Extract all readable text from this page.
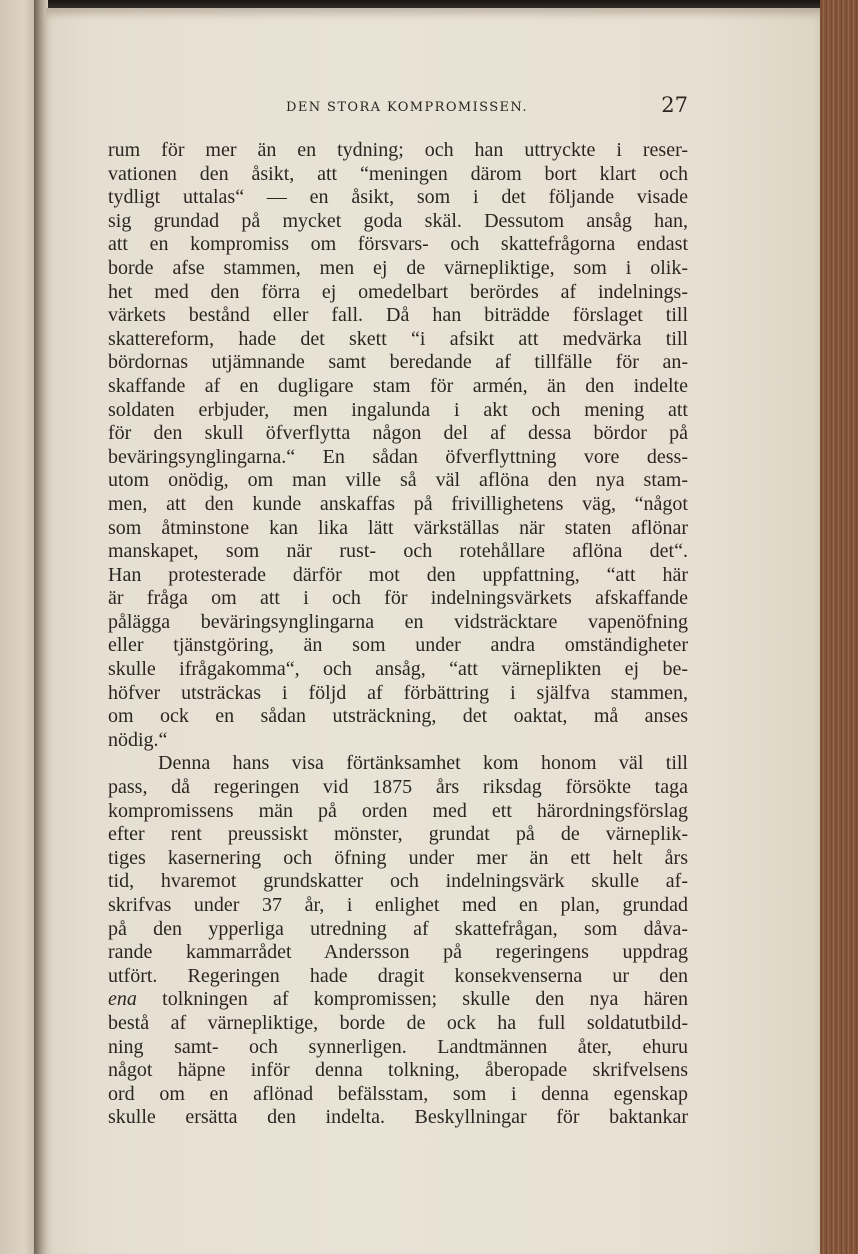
DEN STORA KOMPROMISSEN.	27
rum för mer än en tydning; och han uttryckte i reser-
vationen den åsikt, att “meningen därom bort klart och
tydligt uttalas“ — en åsikt, som i det följande visade
sig grundad på mycket goda skäl. Dessutom ansåg han,
att en kompromiss om försvars- och skattefrågorna endast
borde afse stammen, men ej de värnepliktige, som i olik-
het med den förra ej omedelbart berördes af indelnings-
värkets bestånd eller fall. Då han biträdde förslaget till
skattereform, hade det skett “i afsikt att medvärka till
bördornas utjämnande samt beredande af tillfälle för an-
skaffande af en dugligare stam för armén, än den indelte
soldaten erbjuder, men ingalunda i akt och mening att
för den skull öfverflytta någon del af dessa bördor på
beväringsynglingarna.“ En sådan öfverflyttning vore dess-
utom onödig, om man ville så väl aflöna den nya stam-
men, att den kunde anskaffas på frivillighetens väg, “något
som åtminstone kan lika lätt värkställas när staten aflönar
manskapet, som när rust- och rotehållare aflöna det“.
Han protesterade därför mot den uppfattning, “att här
är fråga om att i och för indelningsvärkets afskaffande
pålägga beväringsynglingarna en vidsträcktare vapenöfning
eller tjänstgöring, än som under andra omständigheter
skulle ifrågakomma“, och ansåg, “att värneplikten ej be-
höfver utsträckas i följd af förbättring i själfva stammen,
om ock en sådan utsträckning, det oaktat, må anses
nödig.“
Denna hans visa förtänksamhet kom honom väl till
pass, då regeringen vid 1875 års riksdag försökte taga
kompromissens män på orden med ett härordningsförslag
efter rent preussiskt mönster, grundat på de värneplik-
tiges kasernering och öfning under mer än ett helt års
tid, hvaremot grundskatter och indelningsvärk skulle af-
skrifvas under 37 år, i enlighet med en plan, grundad
på den ypperliga utredning af skattefrågan, som dåva-
rande kammarrådet Andersson på regeringens uppdrag
utfört. Regeringen hade dragit konsekvenserna ur den
ena tolkningen af kompromissen; skulle den nya hären
bestå af värnepliktige, borde de ock ha full soldatutbild-
ning samt- och synnerligen. Landtmännen åter, ehuru
något häpne inför denna tolkning, åberopade skrifvelsens
ord om en aflönad befälsstam, som i denna egenskap
skulle ersätta den indelta. Beskyllningar för baktankar
